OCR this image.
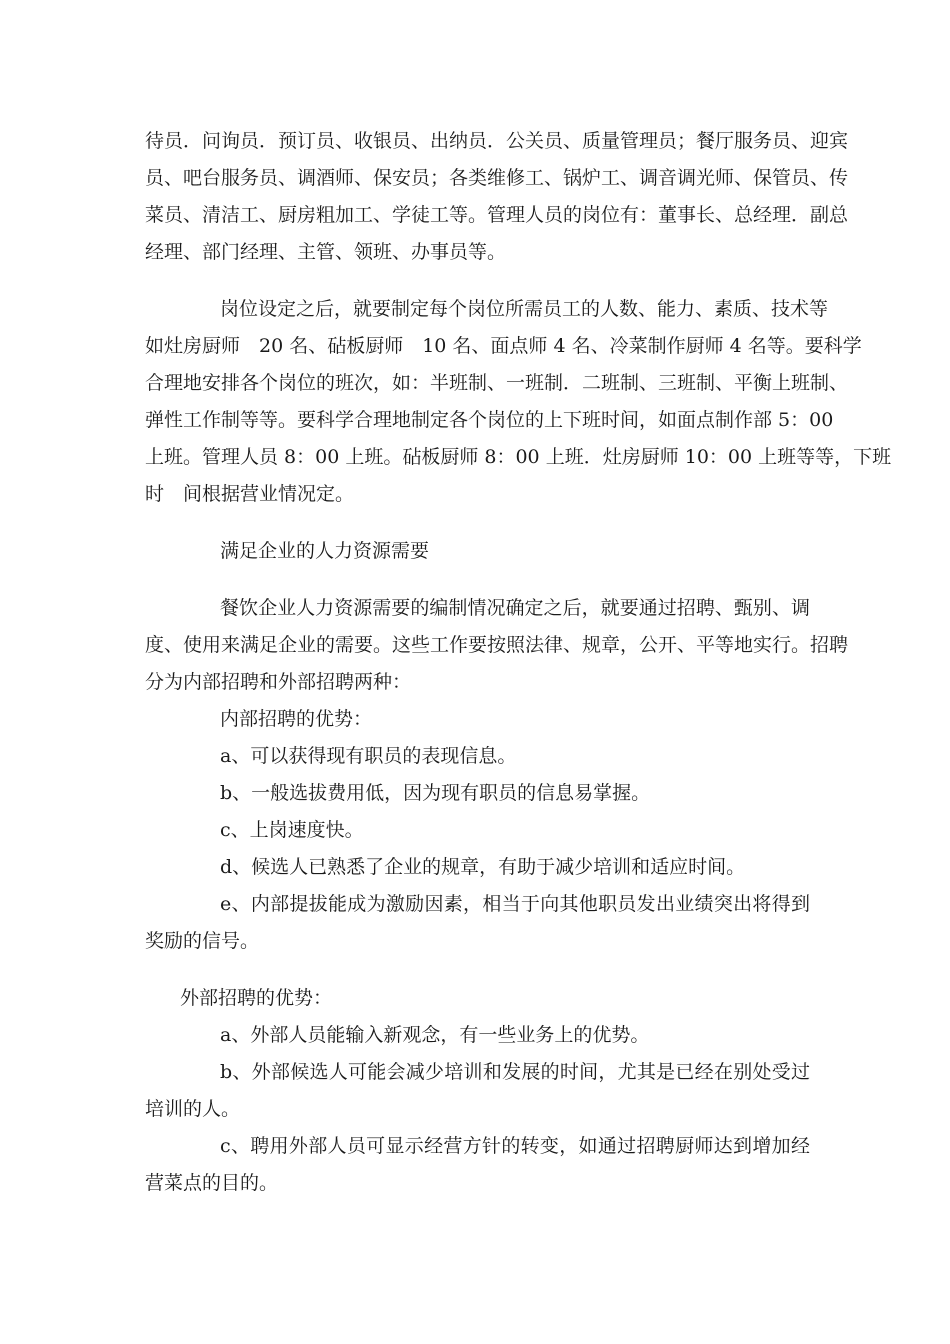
待员．问询员．预订员、收银员、出纳员．公关员、质量管理员；餐厅服务员、迎宾
员、吧台服务员、调酒师、保安员；各类维修工、锅炉工、调音调光师、保管员、传
菜员、清洁工、厨房粗加工、学徒工等。管理人员的岗位有：董事长、总经理．副总
经理、部门经理、主管、领班、办事员等。
岗位设定之后，就要制定每个岗位所需员工的人数、能力、素质、技术等
如灶房厨师　20 名、砧板厨师　10 名、面点师 4 名、冷菜制作厨师 4 名等。要科学
合理地安排各个岗位的班次，如：半班制、一班制．二班制、三班制、平衡上班制、
弹性工作制等等。要科学合理地制定各个岗位的上下班时间，如面点制作部 5：00
上班。管理人员 8：00 上班。砧板厨师 8：00 上班．灶房厨师 10：00 上班等等，下班
时　间根据营业情况定。
满足企业的人力资源需要
餐饮企业人力资源需要的编制情况确定之后，就要通过招聘、甄别、调
度、使用来满足企业的需要。这些工作要按照法律、规章，公开、平等地实行。招聘
分为内部招聘和外部招聘两种：
内部招聘的优势：
a、可以获得现有职员的表现信息。
b、一般选拔费用低，因为现有职员的信息易掌握。
c、上岗速度快。
d、候选人已熟悉了企业的规章，有助于减少培训和适应时间。
e、内部提拔能成为激励因素，相当于向其他职员发出业绩突出将得到
奖励的信号。
外部招聘的优势：
a、外部人员能输入新观念，有一些业务上的优势。
b、外部候选人可能会减少培训和发展的时间，尤其是已经在别处受过
培训的人。
c、聘用外部人员可显示经营方针的转变，如通过招聘厨师达到增加经
营菜点的目的。
